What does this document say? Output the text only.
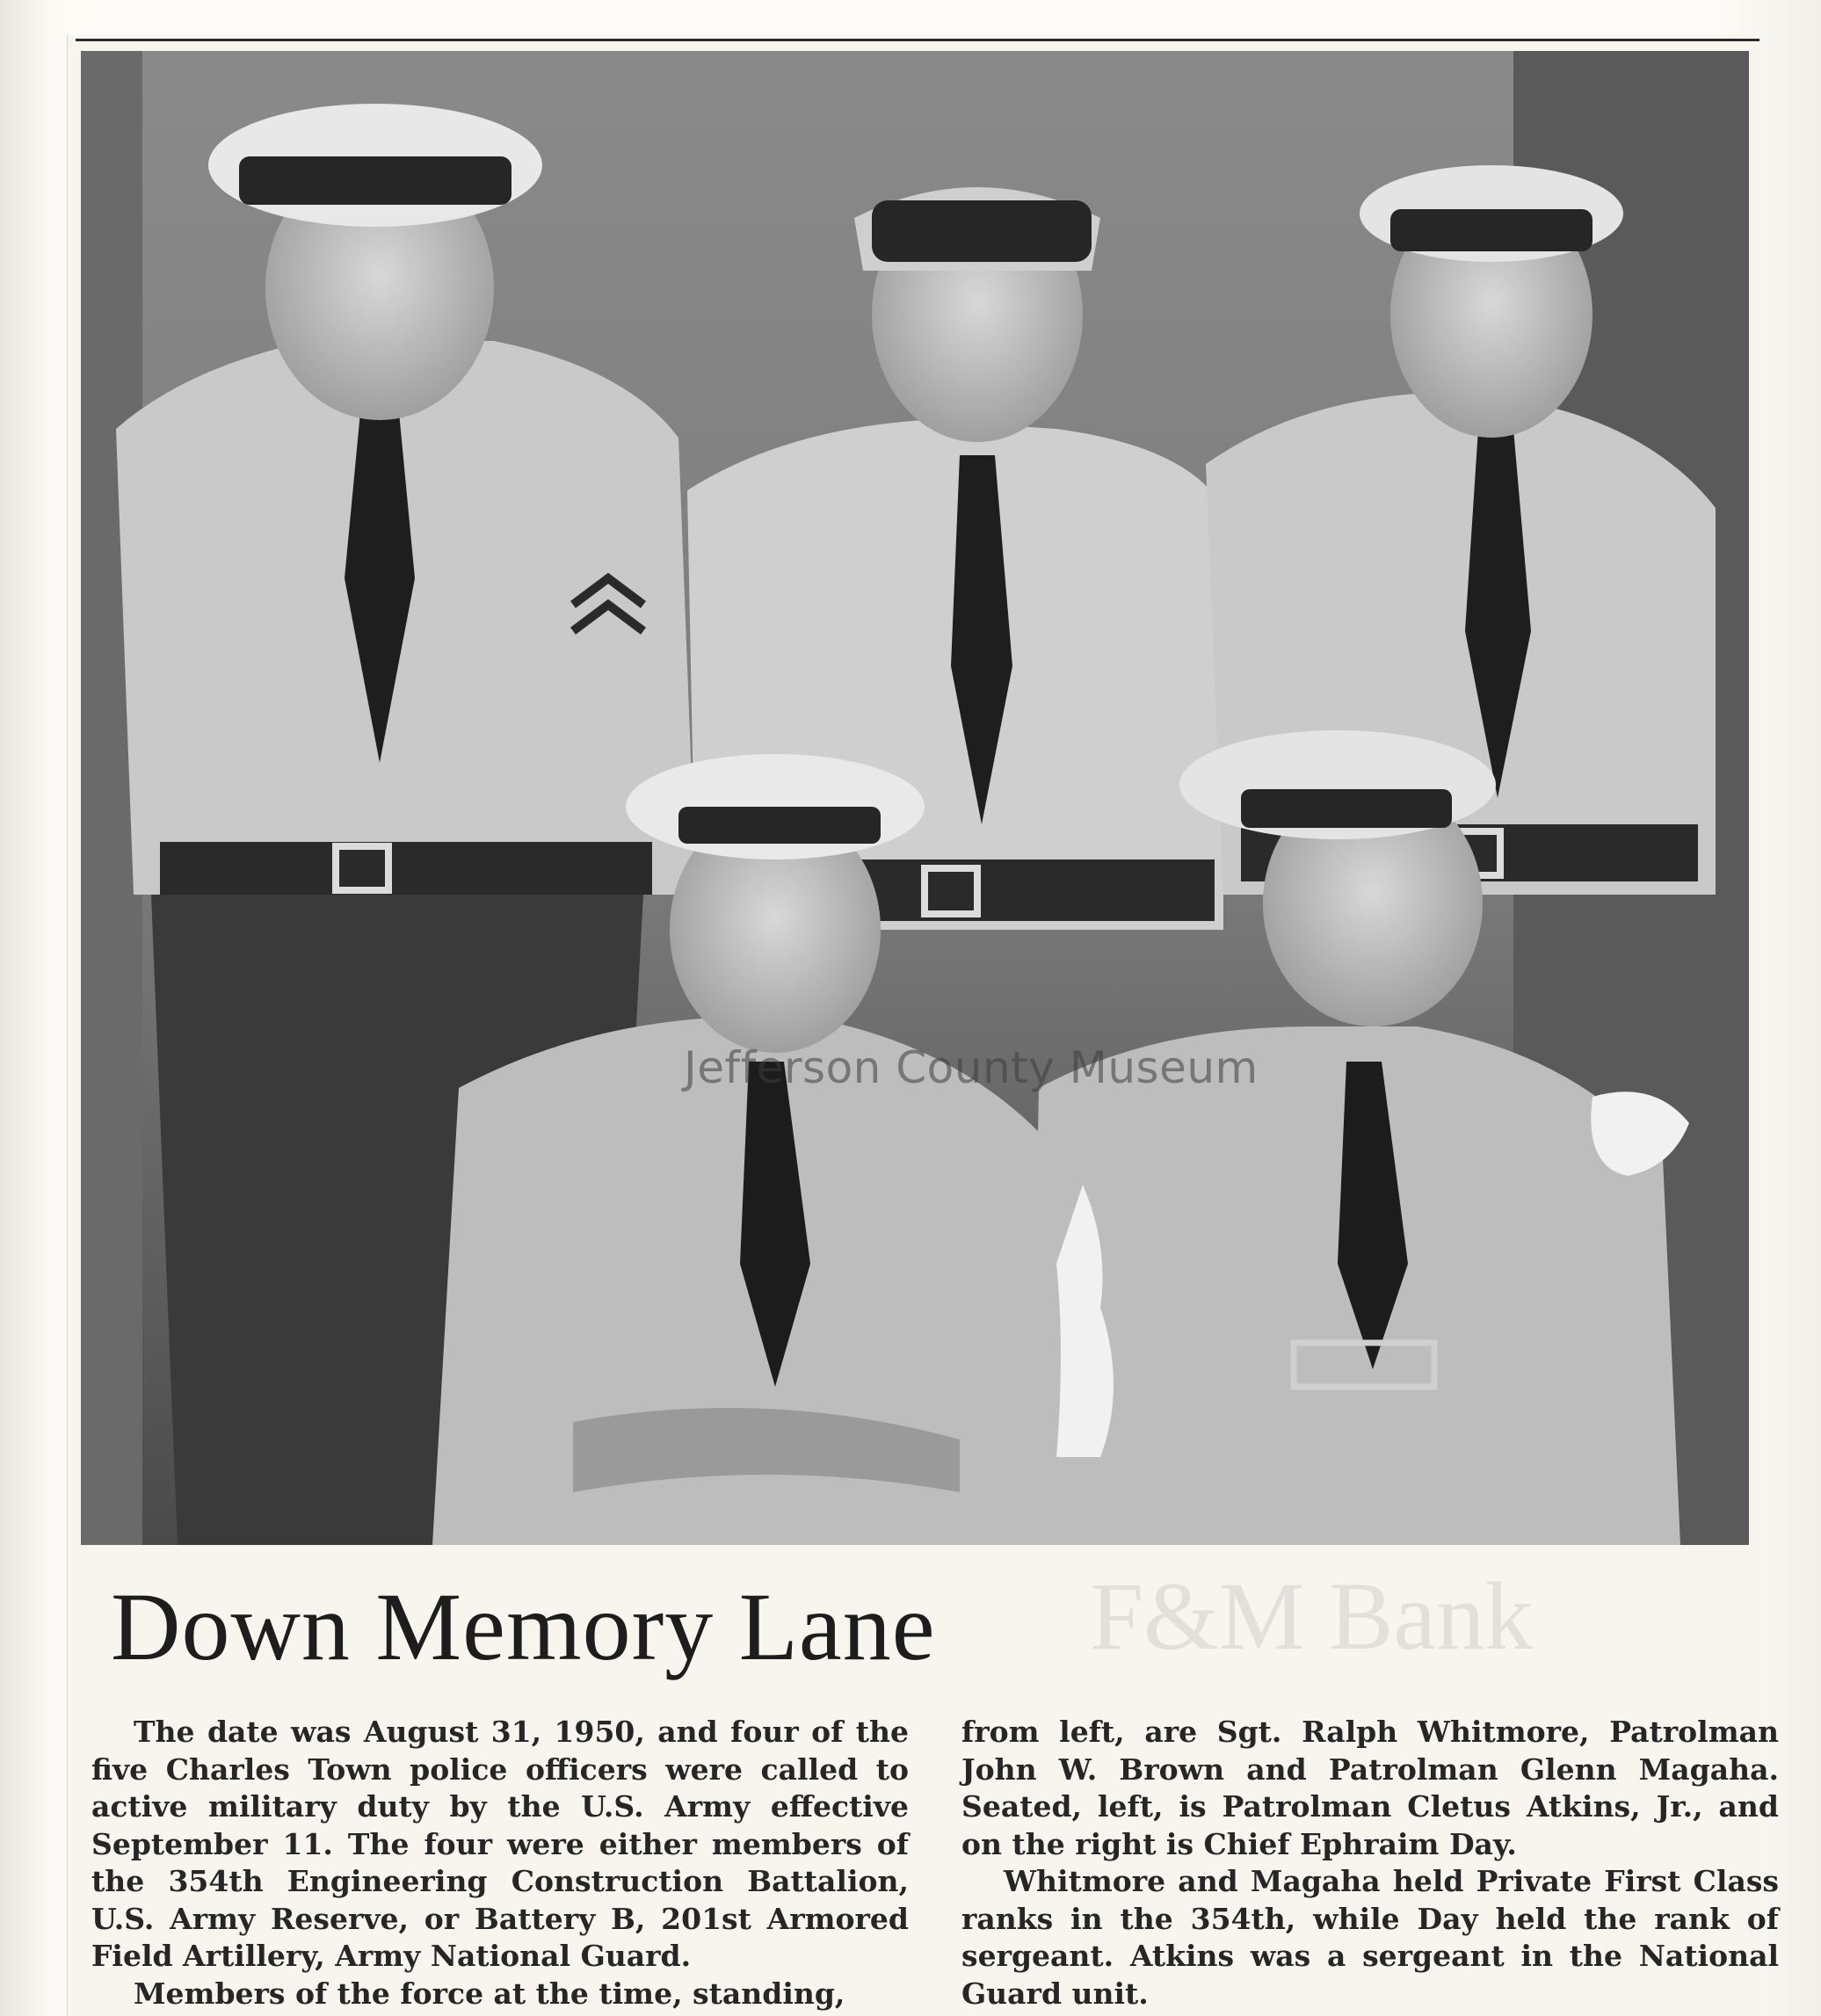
Jefferson County Museum
F&M Bank
Down Memory Lane

The date was August 31, 1950, and four of the five Charles Town police officers were called to active military duty by the U.S. Army effective September 11. The four were either members of the 354th Engineering Construction Battalion, U.S. Army Reserve, or Battery B, 201st Armored Field Artillery, Army National Guard.

Members of the force at the time, standing,

from left, are Sgt. Ralph Whitmore, Patrolman John W. Brown and Patrolman Glenn Magaha. Seated, left, is Patrolman Cletus Atkins, Jr., and on the right is Chief Ephraim Day.

Whitmore and Magaha held Private First Class ranks in the 354th, while Day held the rank of sergeant. Atkins was a sergeant in the National Guard unit.
